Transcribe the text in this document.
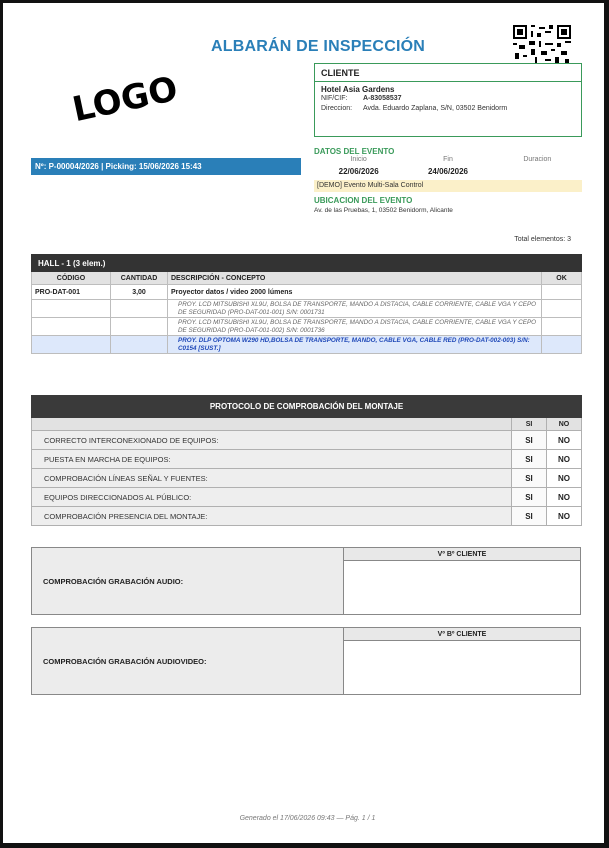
ALBARÁN DE INSPECCIÓN
LOGO	CLIENTE
Hotel Asia Gardens
NIF/CIF:	A-83058537
Direccion:	Avda. Eduardo Zaplana, S/N, 03502 Benidorm
Nº: P-00004/2026 | Picking: 15/06/2026 15:43
DATOS DEL EVENTO
Inicio	Fin	Duracion
22/06/2026	24/06/2026
[DEMO] Evento Multi-Sala Control
UBICACION DEL EVENTO
Av. de las Pruebas, 1, 03502 Benidorm, Alicante
Total elementos: 3
HALL - 1 (3 elem.)			
CÓDIGO	CANTIDAD	DESCRIPCIÓN - CONCEPTO	OK
PRO-DAT-001	3,00	Proyector datos / video 2000 lúmens	
		PROY. LCD MITSUBISHI XL9U, BOLSA DE TRANSPORTE, MANDO A DISTACIA, CABLE CORRIENTE, CABLE VGA Y CEPO DE SEGURIDAD (PRO-DAT-001-001) S/N: 0001731	
		PROY. LCD MITSUBISHI XL9U, BOLSA DE TRANSPORTE, MANDO A DISTACIA, CABLE CORRIENTE, CABLE VGA Y CEPO DE SEGURIDAD (PRO-DAT-001-002) S/N: 0001736	
		PROY. DLP OPTOMA W290 HD,BOLSA DE TRANSPORTE, MANDO, CABLE VGA, CABLE RED (PRO-DAT-002-003) S/N: C0154 [SUST.]	
PROTOCOLO DE COMPROBACIÓN DEL MONTAJE		
	SI	NO
CORRECTO INTERCONEXIONADO DE EQUIPOS:	SI	NO
PUESTA EN MARCHA DE EQUIPOS:	SI	NO
COMPROBACIÓN LÍNEAS SEÑAL Y FUENTES:	SI	NO
EQUIPOS DIRECCIONADOS AL PÚBLICO:	SI	NO
COMPROBACIÓN PRESENCIA DEL MONTAJE:	SI	NO
COMPROBACIÓN GRABACIÓN AUDIO:
Vº Bº CLIENTE
COMPROBACIÓN GRABACIÓN AUDIOVIDEO:
Vº Bº CLIENTE
Generado el 17/06/2026 09:43 — Pág. 1 / 1
